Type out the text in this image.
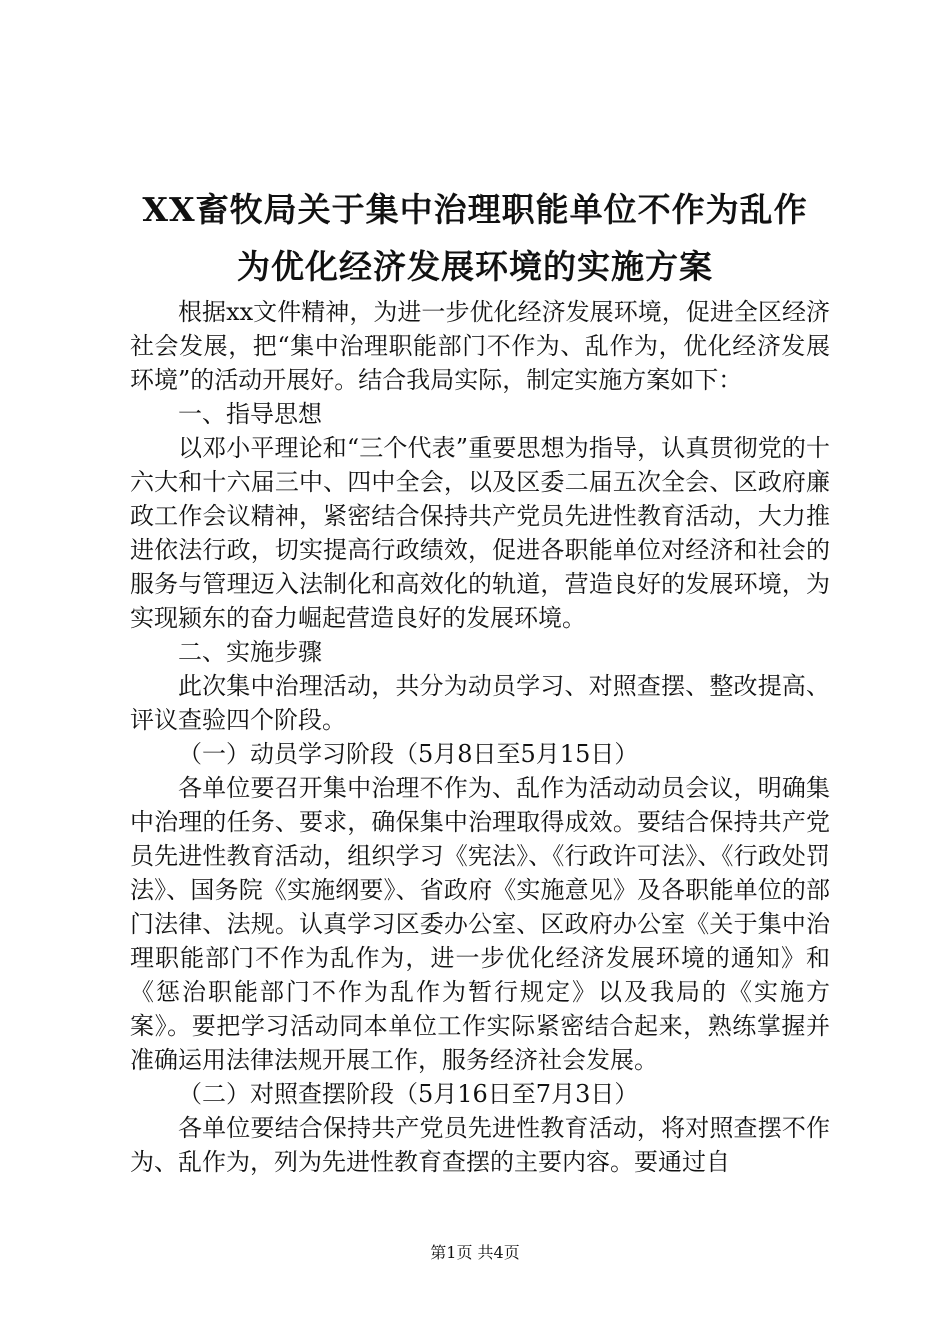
XX畜牧局关于集中治理职能单位不作为乱作
为优化经济发展环境的实施方案

根据xx文件精神，为进一步优化经济发展环境，促进全区经济社会发展，把“集中治理职能部门不作为、乱作为，优化经济发展环境”的活动开展好。结合我局实际，制定实施方案如下：

一、指导思想

以邓小平理论和“三个代表”重要思想为指导，认真贯彻党的十六大和十六届三中、四中全会，以及区委二届五次全会、区政府廉政工作会议精神，紧密结合保持共产党员先进性教育活动，大力推进依法行政，切实提高行政绩效，促进各职能单位对经济和社会的服务与管理迈入法制化和高效化的轨道，营造良好的发展环境，为实现颍东的奋力崛起营造良好的发展环境。

二、实施步骤

此次集中治理活动，共分为动员学习、对照查摆、整改提高、评议查验四个阶段。

（一）动员学习阶段（5月8日至5月15日）

各单位要召开集中治理不作为、乱作为活动动员会议，明确集中治理的任务、要求，确保集中治理取得成效。要结合保持共产党员先进性教育活动，组织学习《宪法》、《行政许可法》、《行政处罚法》、国务院《实施纲要》、省政府《实施意见》及各职能单位的部门法律、法规。认真学习区委办公室、区政府办公室《关于集中治理职能部门不作为乱作为，进一步优化经济发展环境的通知》和《惩治职能部门不作为乱作为暂行规定》以及我局的《实施方案》。要把学习活动同本单位工作实际紧密结合起来，熟练掌握并准确运用法律法规开展工作，服务经济社会发展。

（二）对照查摆阶段（5月16日至7月3日）

各单位要结合保持共产党员先进性教育活动，将对照查摆不作为、乱作为，列为先进性教育查摆的主要内容。要通过自

第1页 共4页
